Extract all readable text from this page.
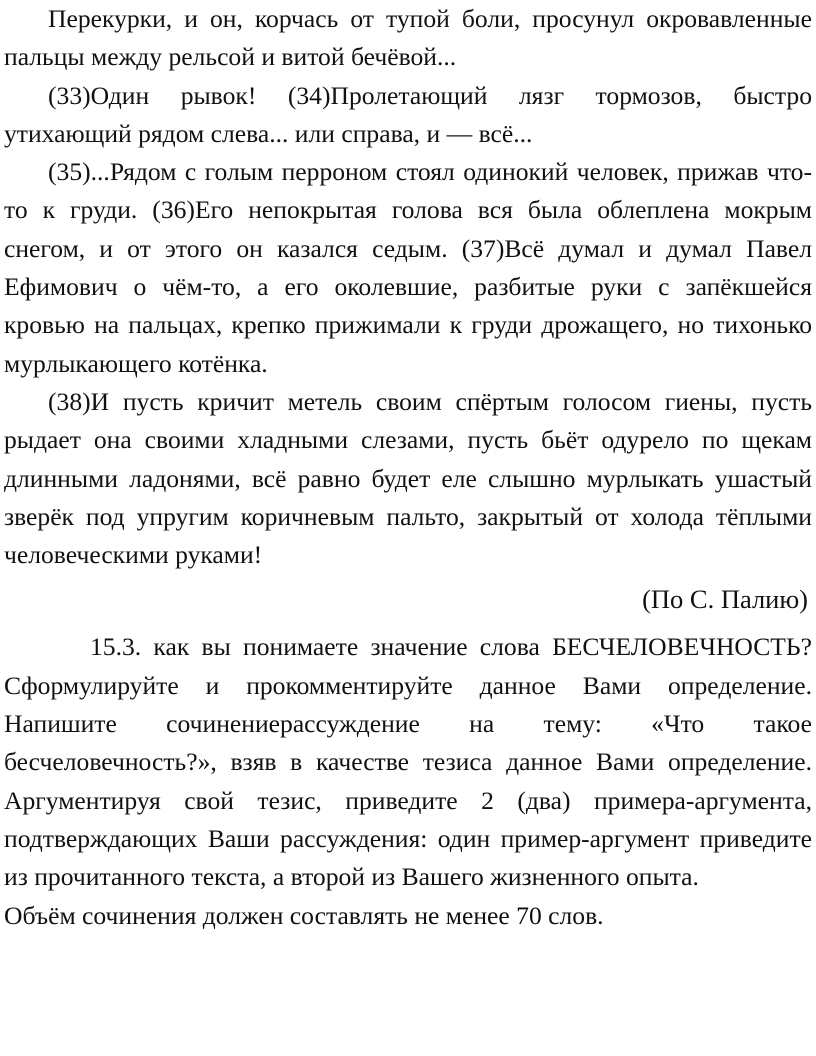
Перекурки, и он, корчась от тупой боли, просунул окровавленные пальцы между рельсой и витой бечёвой...

(33)Один рывок! (34)Пролетающий лязг тормозов, быстро утихающий рядом слева... или справа, и — всё...

(35)...Рядом с голым перроном стоял одинокий человек, прижав что-то к груди. (36)Его непокрытая голова вся была облеплена мокрым снегом, и от этого он казался седым. (37)Всё думал и думал Павел Ефимович о чём-то, а его околевшие, разбитые руки с запёкшейся кровью на пальцах, крепко прижимали к груди дрожащего, но тихонько мурлыкающего котёнка.

(38)И пусть кричит метель своим спёртым голосом гиены, пусть рыдает она своими хладными слезами, пусть бьёт одурело по щекам длинными ладонями, всё равно будет еле слышно мурлыкать ушастый зверёк под упругим коричневым пальто, закрытый от холода тёплыми человеческими руками!

(По С. Палию)

15.3. как вы понимаете значение слова БЕСЧЕЛОВЕЧНОСТЬ? Сформулируйте и прокомментируйте данное Вами определение. Напишите сочинениерассуждение на тему: «Что такое бесчеловечность?», взяв в качестве тезиса данное Вами определение. Аргументируя свой тезис, приведите 2 (два) примера-аргумента, подтверждающих Ваши рассуждения: один пример-аргумент приведите из прочитанного текста, а второй из Вашего жизненного опыта.

Объём сочинения должен составлять не менее 70 слов.
